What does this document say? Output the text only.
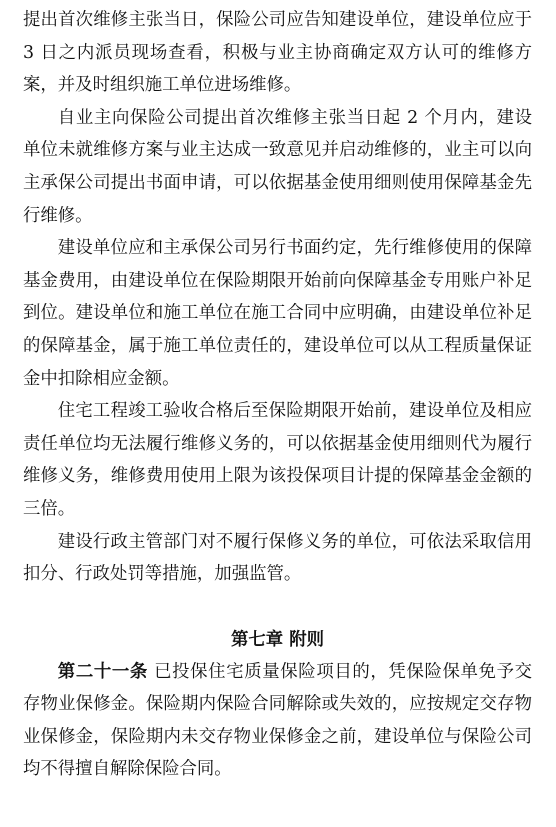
提出首次维修主张当日，保险公司应告知建设单位，建设单位应于 3 日之内派员现场查看，积极与业主协商确定双方认可的维修方案，并及时组织施工单位进场维修。

自业主向保险公司提出首次维修主张当日起 2 个月内，建设单位未就维修方案与业主达成一致意见并启动维修的，业主可以向主承保公司提出书面申请，可以依据基金使用细则使用保障基金先行维修。

建设单位应和主承保公司另行书面约定，先行维修使用的保障基金费用，由建设单位在保险期限开始前向保障基金专用账户补足到位。建设单位和施工单位在施工合同中应明确，由建设单位补足的保障基金，属于施工单位责任的，建设单位可以从工程质量保证金中扣除相应金额。

住宅工程竣工验收合格后至保险期限开始前，建设单位及相应责任单位均无法履行维修义务的，可以依据基金使用细则代为履行维修义务，维修费用使用上限为该投保项目计提的保障基金金额的三倍。

建设行政主管部门对不履行保修义务的单位，可依法采取信用扣分、行政处罚等措施，加强监管。

第七章 附则

第二十一条 已投保住宅质量保险项目的，凭保险保单免予交存物业保修金。保险期内保险合同解除或失效的，应按规定交存物业保修金，保险期内未交存物业保修金之前，建设单位与保险公司均不得擅自解除保险合同。
